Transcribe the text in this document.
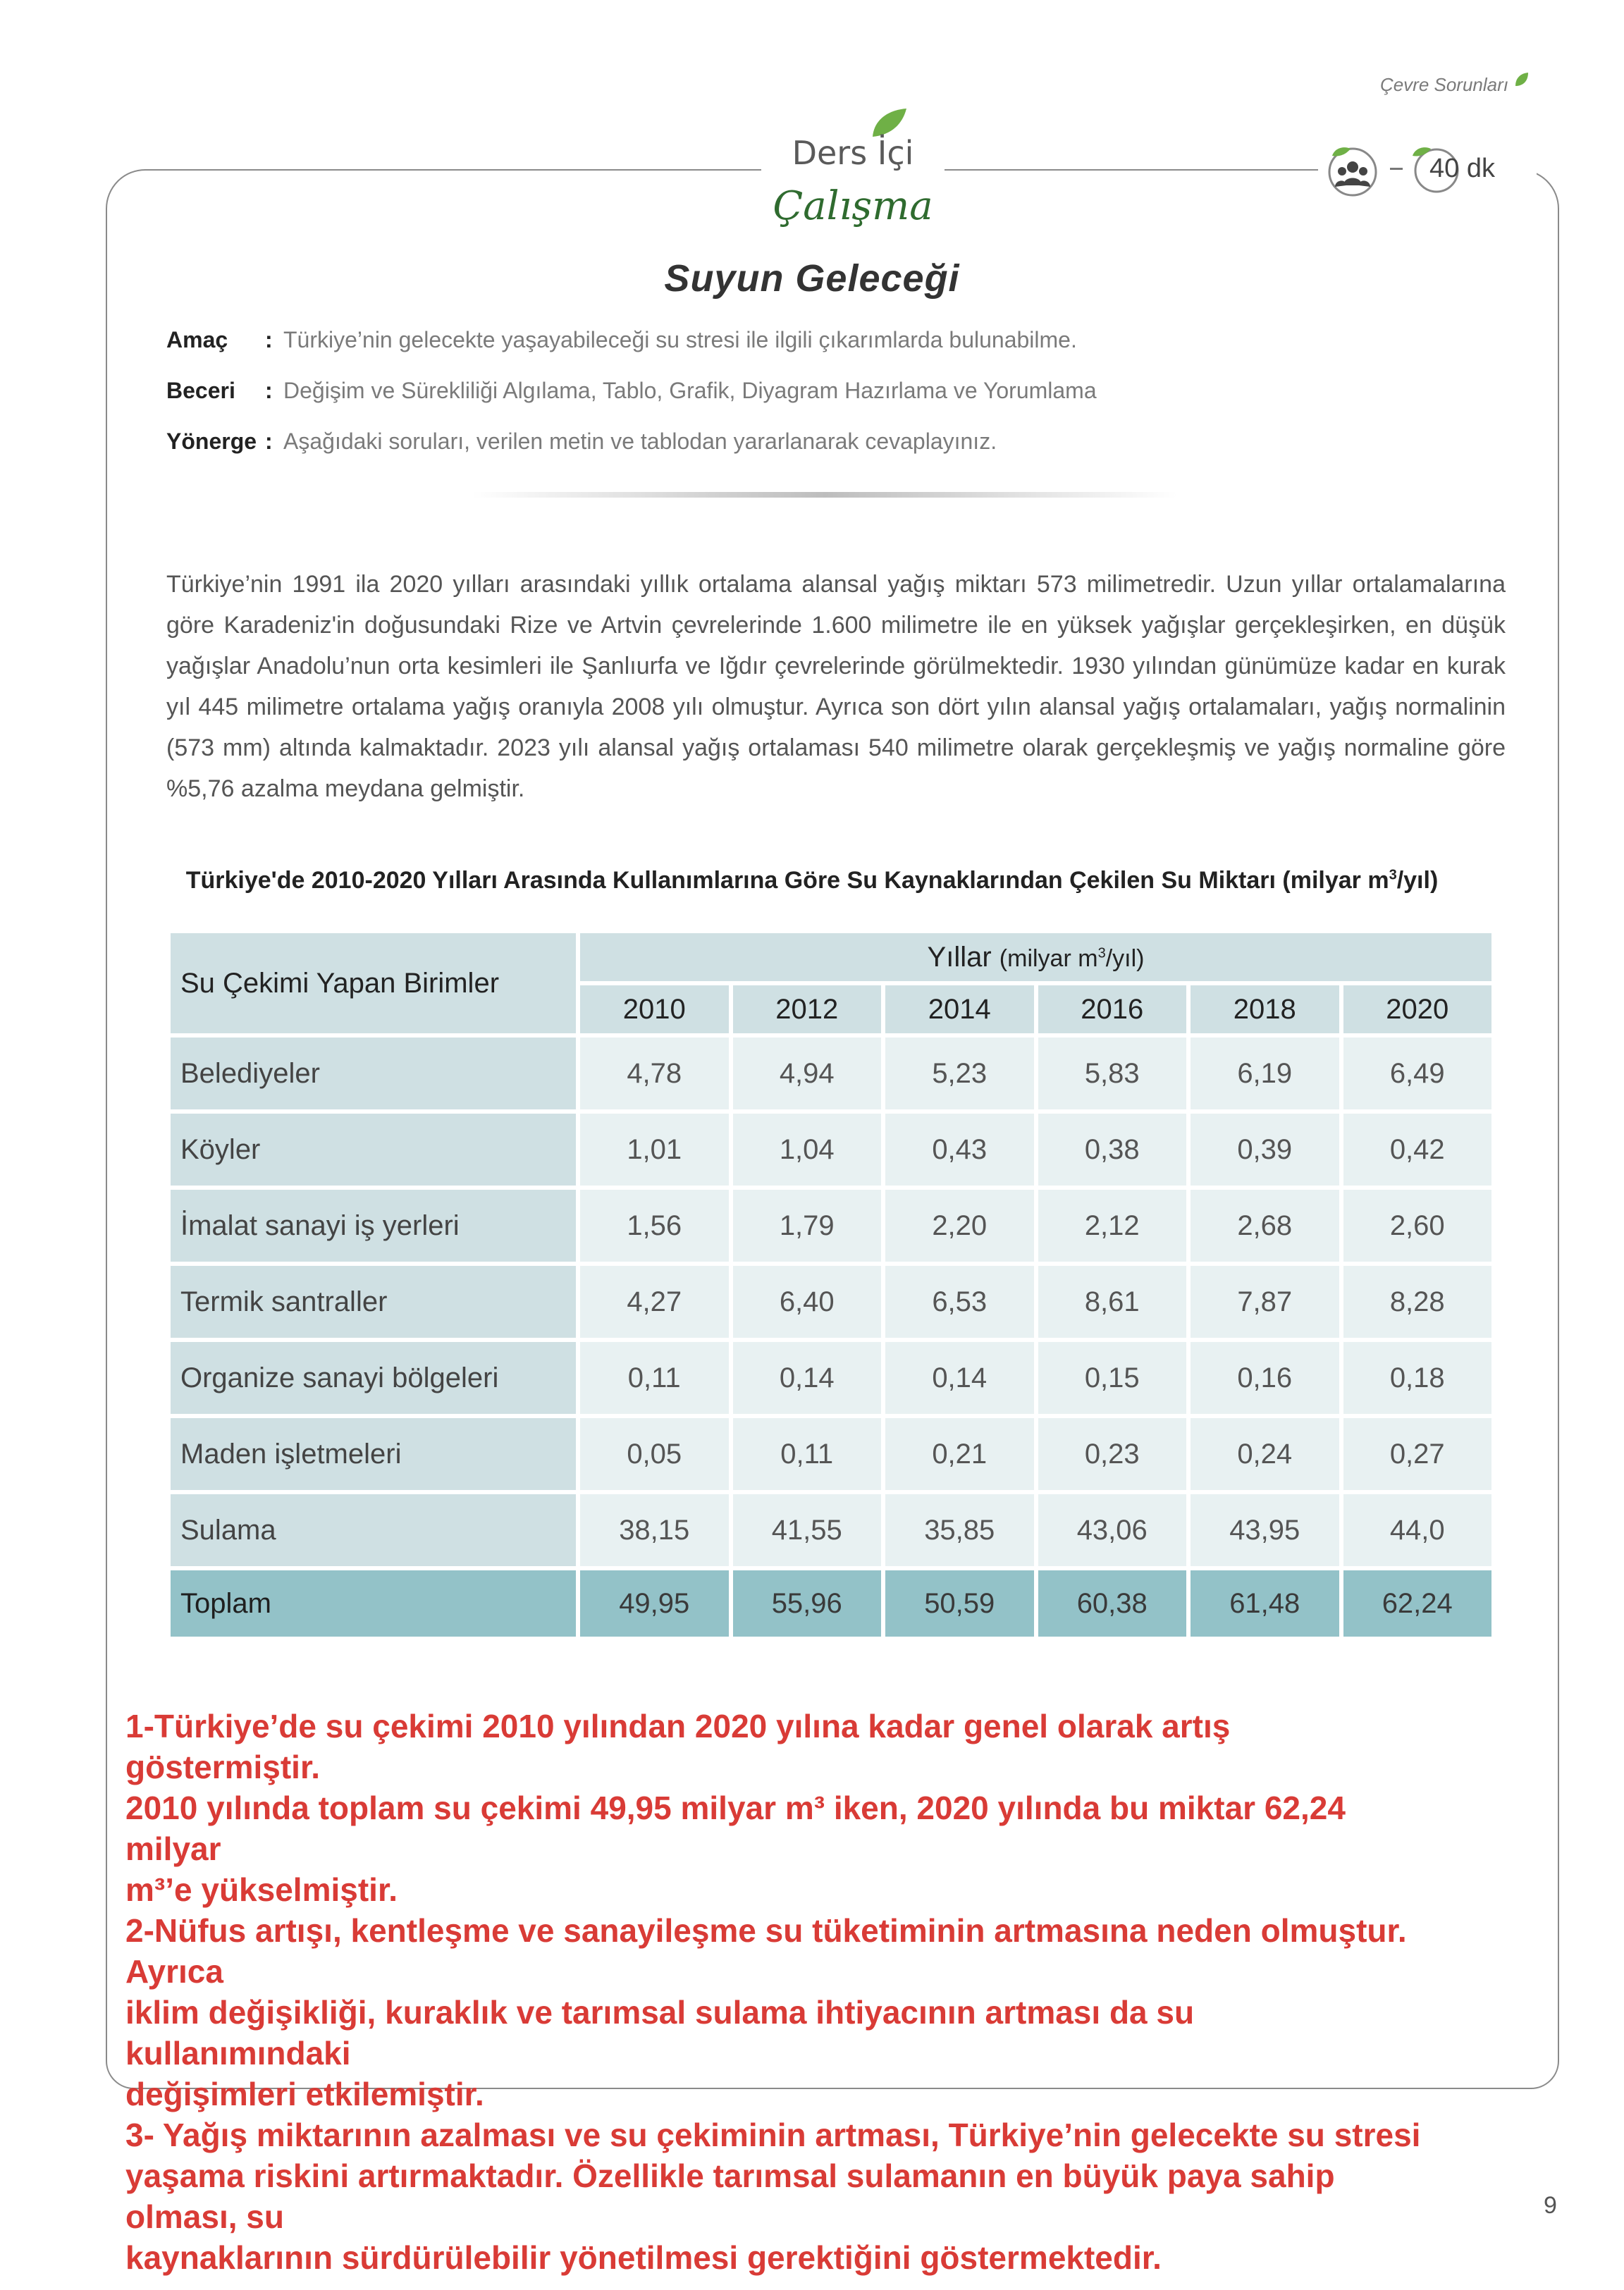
Çevre Sorunları
Ders İçi
Çalışma
40 dk
Suyun Geleceği
Amaç : Türkiye’nin gelecekte yaşayabileceği su stresi ile ilgili çıkarımlarda bulunabilme.
Beceri : Değişim ve Sürekliliği Algılama, Tablo, Grafik, Diyagram Hazırlama ve Yorumlama
Yönerge : Aşağıdaki soruları, verilen metin ve tablodan yararlanarak cevaplayınız.
Türkiye’nin 1991 ila 2020 yılları arasındaki yıllık ortalama alansal yağış miktarı 573 milimetredir. Uzun yıllar ortalamalarına göre Karadeniz'in doğusundaki Rize ve Artvin çevrelerinde 1.600 milimetre ile en yüksek yağışlar gerçekleşirken, en düşük yağışlar Anadolu’nun orta kesimleri ile Şanlıurfa ve Iğdır çevrelerinde görülmektedir. 1930 yılından günümüze kadar en kurak yıl 445 milimetre ortalama yağış oranıyla 2008 yılı olmuştur. Ayrıca son dört yılın alansal yağış ortalamaları, yağış normalinin (573 mm) altında kalmaktadır. 2023 yılı alansal yağış ortalaması 540 milimetre olarak gerçekleşmiş ve yağış normaline göre %5,76 azalma meydana gelmiştir.
Türkiye'de 2010-2020 Yılları Arasında Kullanımlarına Göre Su Kaynaklarından Çekilen Su Miktarı (milyar $m^3/yıl$)
Su Çekimi Yapan Birimler	Yıllar (milyar $m^3/yıl$)					
	2010	2012	2014	2016	2018	2020
Belediyeler	4,78	4,94	5,23	5,83	6,19	6,49
Köyler	1,01	1,04	0,43	0,38	0,39	0,42
İmalat sanayi iş yerleri	1,56	1,79	2,20	2,12	2,68	2,60
Termik santraller	4,27	6,40	6,53	8,61	7,87	8,28
Organize sanayi bölgeleri	0,11	0,14	0,14	0,15	0,16	0,18
Maden işletmeleri	0,05	0,11	0,21	0,23	0,24	0,27
Sulama	38,15	41,55	35,85	43,06	43,95	44,0
Toplam	49,95	55,96	50,59	60,38	61,48	62,24
1-Türkiye’de su çekimi 2010 yılından 2020 yılına kadar genel olarak artış
göstermiştir.
2010 yılında toplam su çekimi 49,95 milyar m³ iken, 2020 yılında bu miktar 62,24
milyar
m³’e yükselmiştir.
2-Nüfus artışı, kentleşme ve sanayileşme su tüketiminin artmasına neden olmuştur.
Ayrıca
iklim değişikliği, kuraklık ve tarımsal sulama ihtiyacının artması da su
kullanımındaki
değişimleri etkilemiştir.
3- Yağış miktarının azalması ve su çekiminin artması, Türkiye’nin gelecekte su stresi
yaşama riskini artırmaktadır. Özellikle tarımsal sulamanın en büyük paya sahip
olması, su
kaynaklarının sürdürülebilir yönetilmesi gerektiğini göstermektedir.
9
